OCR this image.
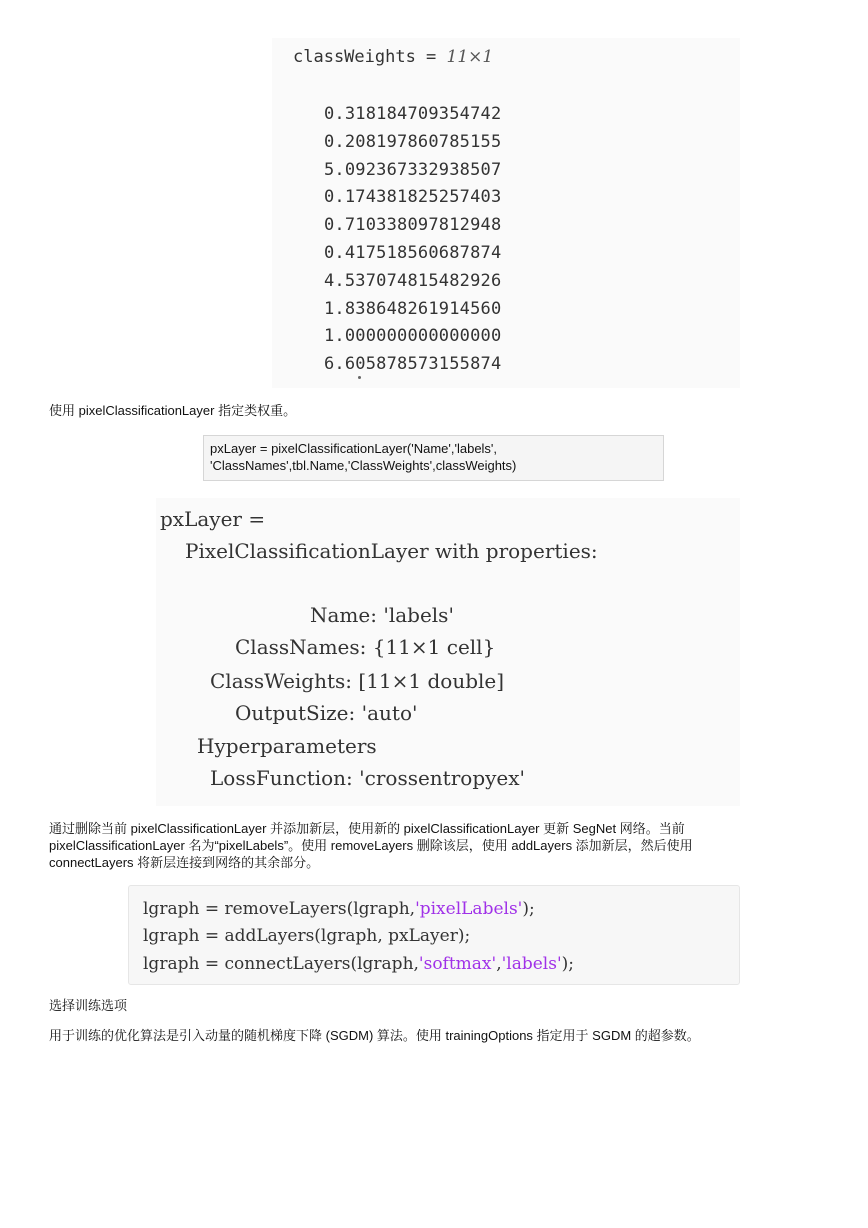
classWeights = 11×1
0.318184709354742
0.208197860785155
5.092367332938507
0.174381825257403
0.710338097812948
0.417518560687874
4.537074815482926
1.838648261914560
1.000000000000000
6.605878573155874
使用 pixelClassificationLayer 指定类权重。
pxLayer = pixelClassificationLayer('Name','labels',
'ClassNames',tbl.Name,'ClassWeights',classWeights)
pxLayer =
PixelClassificationLayer with properties:
Name: 'labels'
ClassNames: {11×1 cell}
ClassWeights: [11×1 double]
OutputSize: 'auto'
Hyperparameters
LossFunction: 'crossentropyex'
通过删除当前 pixelClassificationLayer 并添加新层，使用新的 pixelClassificationLayer 更新 SegNet 网络。当前
pixelClassificationLayer 名为“pixelLabels”。使用 removeLayers 删除该层，使用 addLayers 添加新层，然后使用
connectLayers 将新层连接到网络的其余部分。
lgraph = removeLayers(lgraph,'pixelLabels');
lgraph = addLayers(lgraph, pxLayer);
lgraph = connectLayers(lgraph,'softmax','labels');
选择训练选项
用于训练的优化算法是引入动量的随机梯度下降 (SGDM) 算法。使用 trainingOptions 指定用于 SGDM 的超参数。
